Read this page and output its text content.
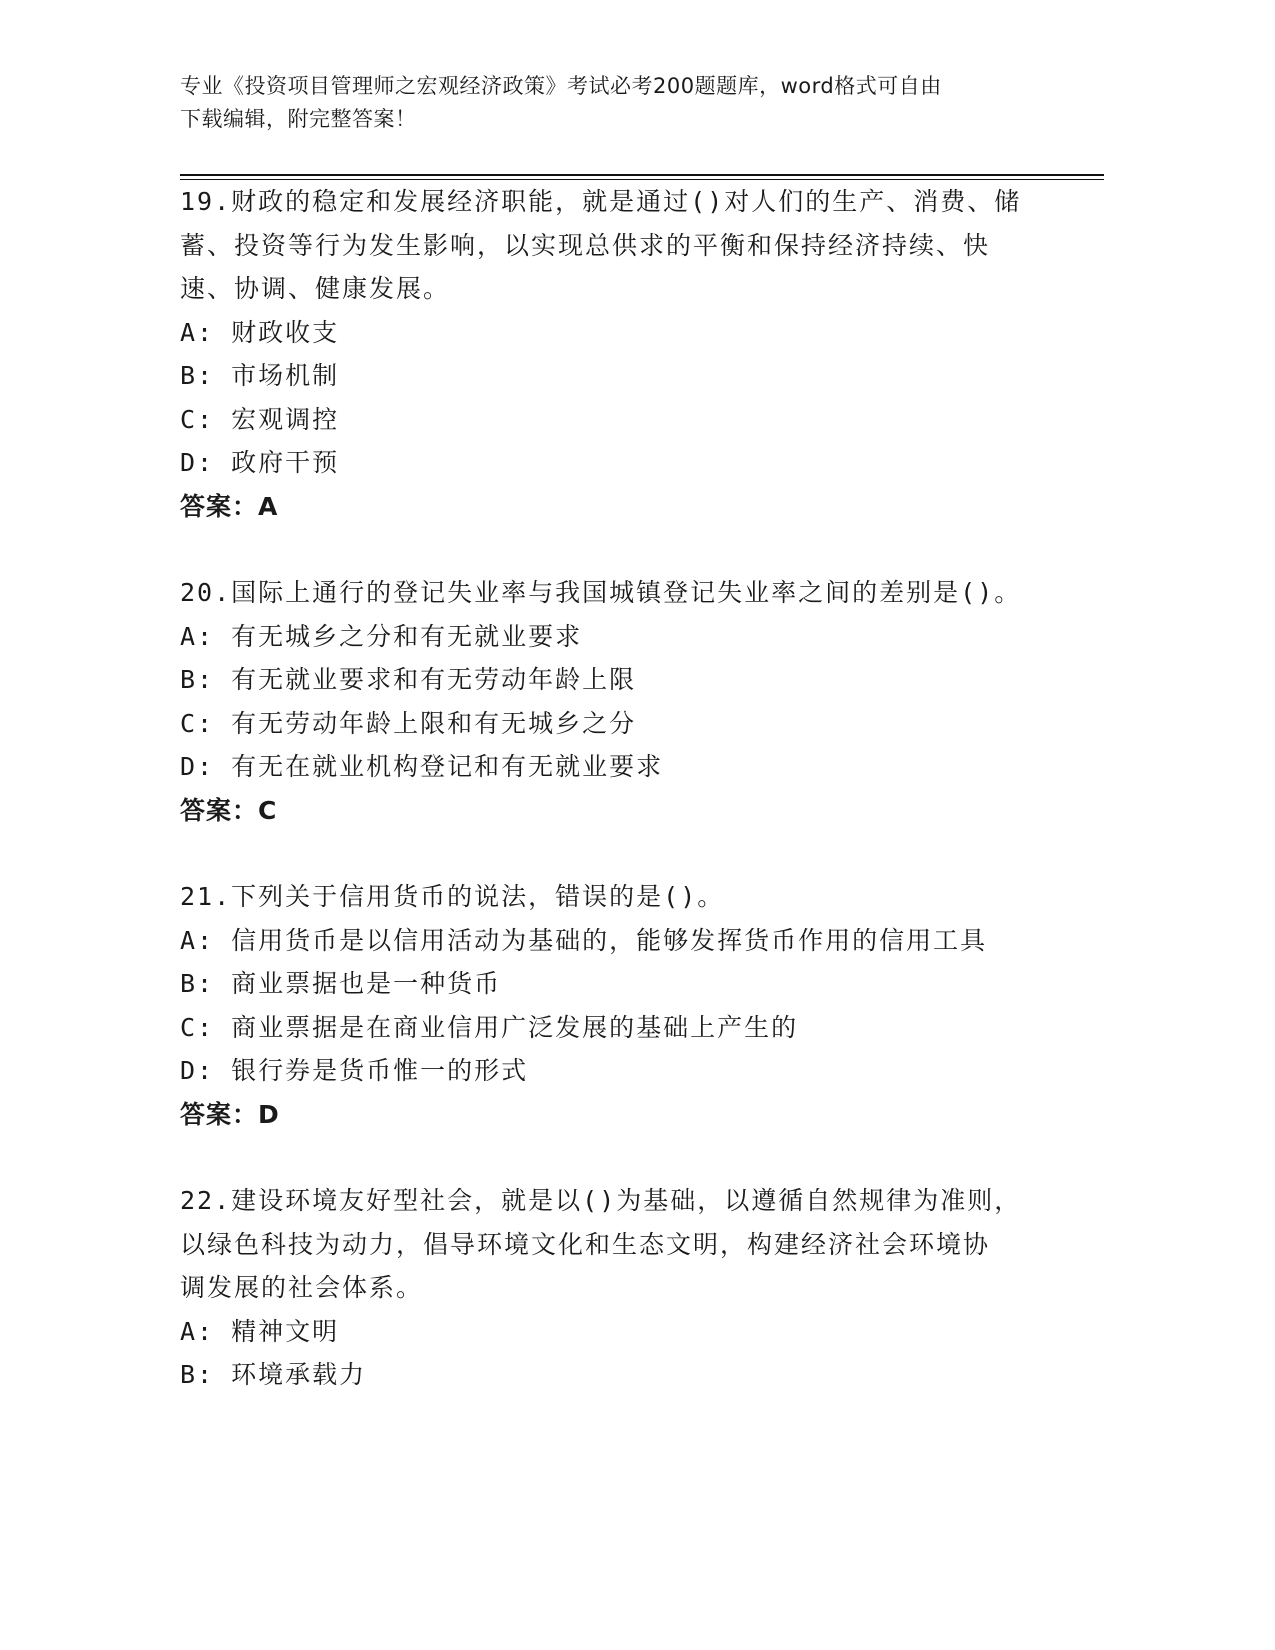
专业《投资项目管理师之宏观经济政策》考试必考200题题库，word格式可自由
下载编辑，附完整答案！
19.财政的稳定和发展经济职能，就是通过()对人们的生产、消费、储
蓄、投资等行为发生影响，以实现总供求的平衡和保持经济持续、快
速、协调、健康发展。
A: 财政收支
B: 市场机制
C: 宏观调控
D: 政府干预
答案：A
20.国际上通行的登记失业率与我国城镇登记失业率之间的差别是()。
A: 有无城乡之分和有无就业要求
B: 有无就业要求和有无劳动年龄上限
C: 有无劳动年龄上限和有无城乡之分
D: 有无在就业机构登记和有无就业要求
答案：C
21.下列关于信用货币的说法，错误的是()。
A: 信用货币是以信用活动为基础的，能够发挥货币作用的信用工具
B: 商业票据也是一种货币
C: 商业票据是在商业信用广泛发展的基础上产生的
D: 银行券是货币惟一的形式
答案：D
22.建设环境友好型社会，就是以()为基础，以遵循自然规律为准则，
以绿色科技为动力，倡导环境文化和生态文明，构建经济社会环境协
调发展的社会体系。
A: 精神文明
B: 环境承载力
